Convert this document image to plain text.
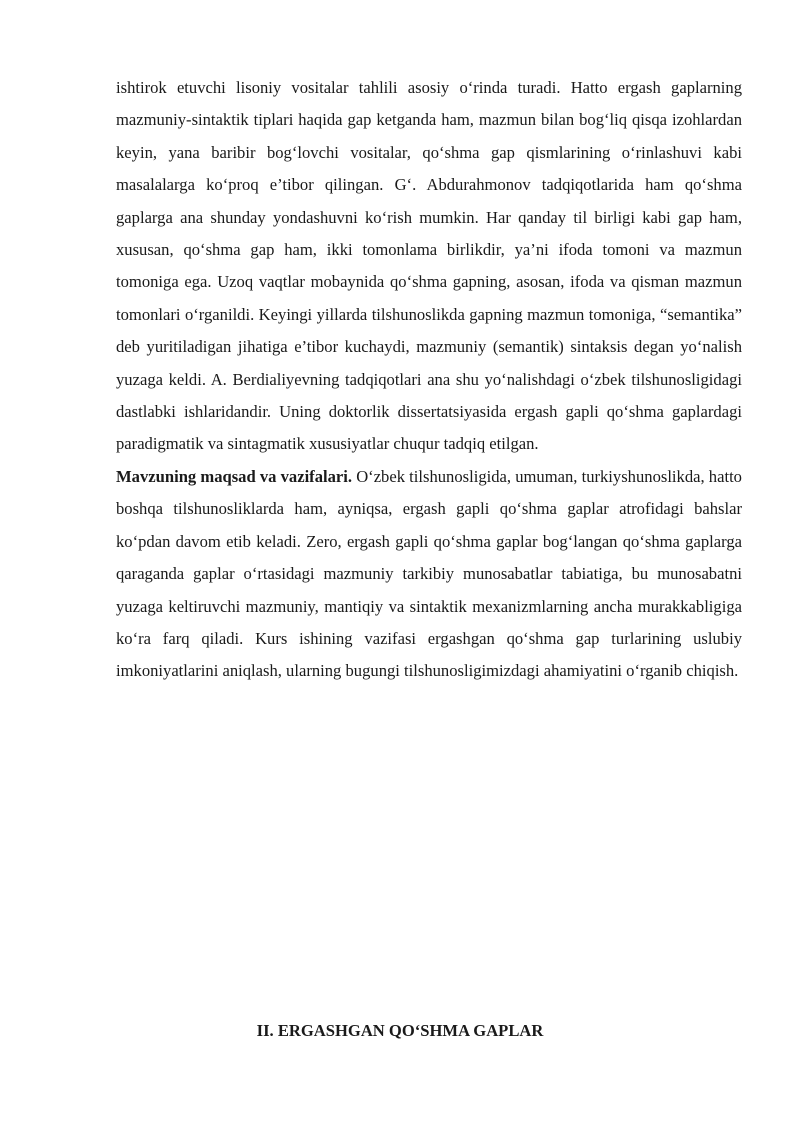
ishtirok etuvchi lisoniy vositalar tahlili asosiy o‘rinda turadi. Hatto ergash gaplarning mazmuniy-sintaktik tiplari haqida gap ketganda ham, mazmun bilan bog‘liq qisqa izohlardan keyin, yana baribir bog‘lovchi vositalar, qo‘shma gap qismlarining o‘rinlashuvi kabi masalalarga ko‘proq e’tibor qilingan. G‘. Abdurahmonov tadqiqotlarida ham qo‘shma gaplarga ana shunday yondashuvni ko‘rish mumkin. Har qanday til birligi kabi gap ham, xususan, qo‘shma gap ham, ikki tomonlama birlikdir, ya’ni ifoda tomoni va mazmun tomoniga ega. Uzoq vaqtlar mobaynida qo‘shma gapning, asosan, ifoda va qisman mazmun tomonlari o‘rganildi. Keyingi yillarda tilshunoslikda gapning mazmun tomoniga, “semantika” deb yuritiladigan jihatiga e’tibor kuchaydi, mazmuniy (semantik) sintaksis degan yo‘nalish yuzaga keldi. A. Berdialiyevning tadqiqotlari ana shu yo‘nalishdagi o‘zbek tilshunosligidagi dastlabki ishlaridandir. Uning doktorlik dissertatsiyasida ergash gapli qo‘shma gaplardagi paradigmatik va sintagmatik xususiyatlar chuqur tadqiq etilgan.

Mavzuning maqsad va vazifalari. O‘zbek tilshunosligida, umuman, turkiyshunoslikda, hatto boshqa tilshunosliklarda ham, ayniqsa, ergash gapli qo‘shma gaplar atrofidagi bahslar ko‘pdan davom etib keladi. Zero, ergash gapli qo‘shma gaplar bog‘langan qo‘shma gaplarga qaraganda gaplar o‘rtasidagi mazmuniy tarkibiy munosabatlar tabiatiga, bu munosabatni yuzaga keltiruvchi mazmuniy, mantiqiy va sintaktik mexanizmlarning ancha murakkabligiga ko‘ra farq qiladi. Kurs ishining vazifasi ergashgan qo‘shma gap turlarining uslubiy imkoniyatlarini aniqlash, ularning bugungi tilshunosligimizdagi ahamiyatini o‘rganib chiqish.

II. ERGASHGAN QO‘SHMA GAPLAR
